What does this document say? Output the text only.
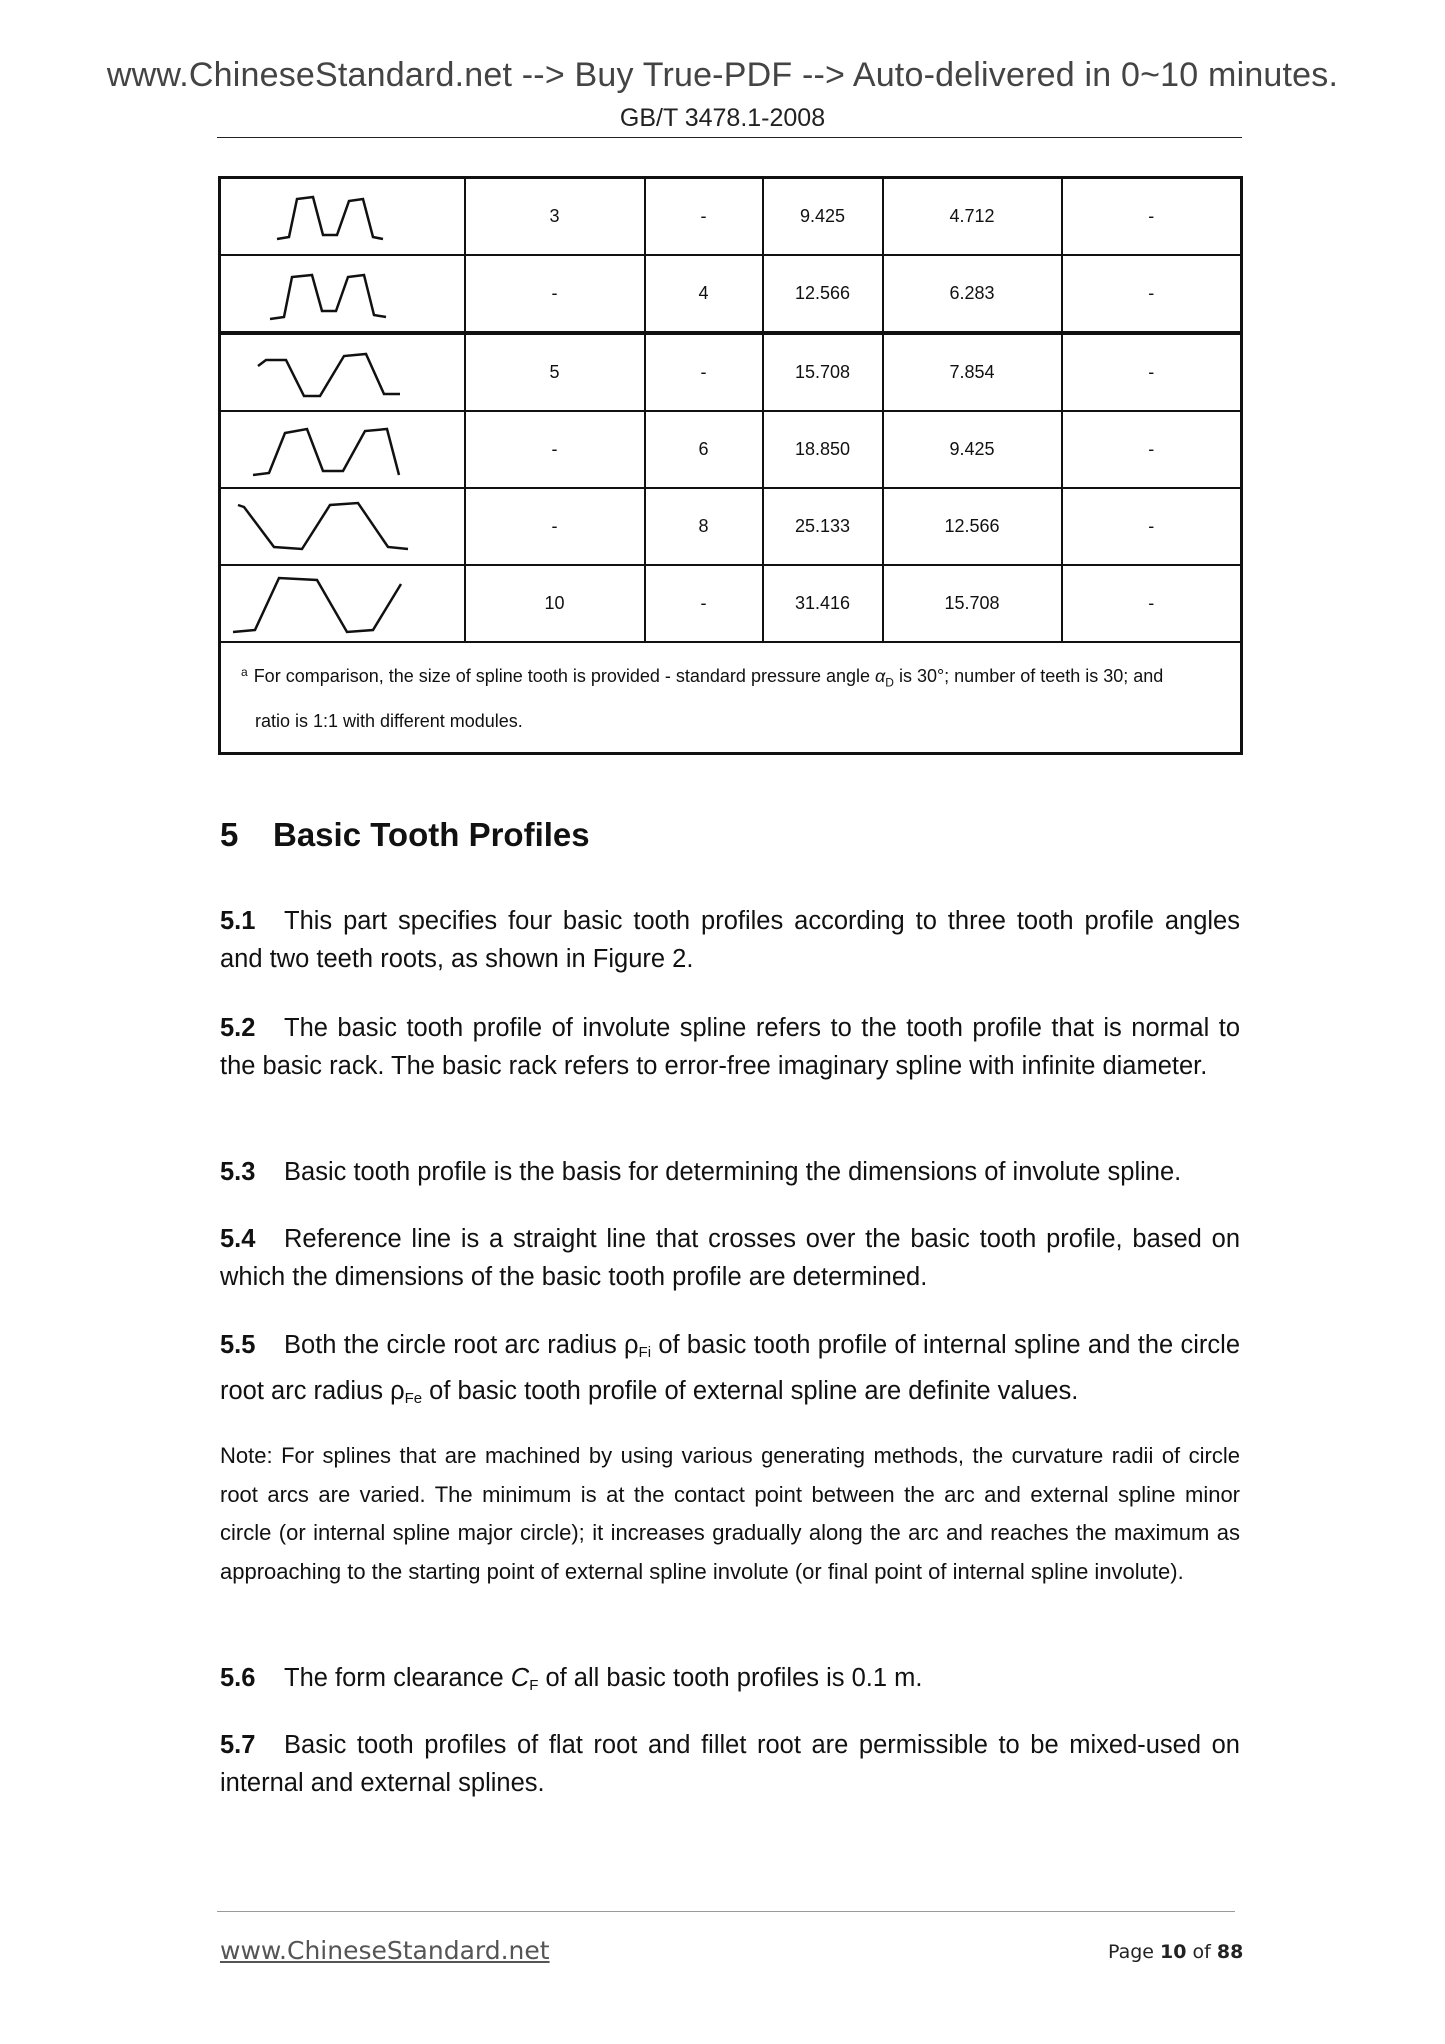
www.ChineseStandard.net --> Buy True-PDF --> Auto-delivered in 0~10 minutes.
GB/T 3478.1-2008
	3	-	9.425	4.712	-

	-	4	12.566	6.283	-

	5	-	15.708	7.854	-

	-	6	18.850	9.425	-

	-	8	25.133	12.566	-

	10	-	31.416	15.708	-
$^a$ For comparison, the size of spline tooth is provided - standard pressure angle $\alpha_D$ is 30°; number of teeth is 30; and
ratio is 1:1 with different modules.					
5 Basic Tooth Profiles
5.1 This part specifies four basic tooth profiles according to three tooth profile angles and two teeth roots, as shown in Figure 2.
5.2 The basic tooth profile of involute spline refers to the tooth profile that is normal to the basic rack. The basic rack refers to error-free imaginary spline with infinite diameter.
5.3 Basic tooth profile is the basis for determining the dimensions of involute spline.
5.4 Reference line is a straight line that crosses over the basic tooth profile, based on which the dimensions of the basic tooth profile are determined.
5.5 Both the circle root arc radius $\rho_{Fi}$ of basic tooth profile of internal spline and the circle root arc radius $\rho_{Fe}$ of basic tooth profile of external spline are definite values.
Note: For splines that are machined by using various generating methods, the curvature radii of circle root arcs are varied. The minimum is at the contact point between the arc and external spline minor circle (or internal spline major circle); it increases gradually along the arc and reaches the maximum as approaching to the starting point of external spline involute (or final point of internal spline involute).
5.6 The form clearance $C_F$ of all basic tooth profiles is 0.1 m.
5.7 Basic tooth profiles of flat root and fillet root are permissible to be mixed-used on internal and external splines.
www.ChineseStandard.net	Page 10 of 88
